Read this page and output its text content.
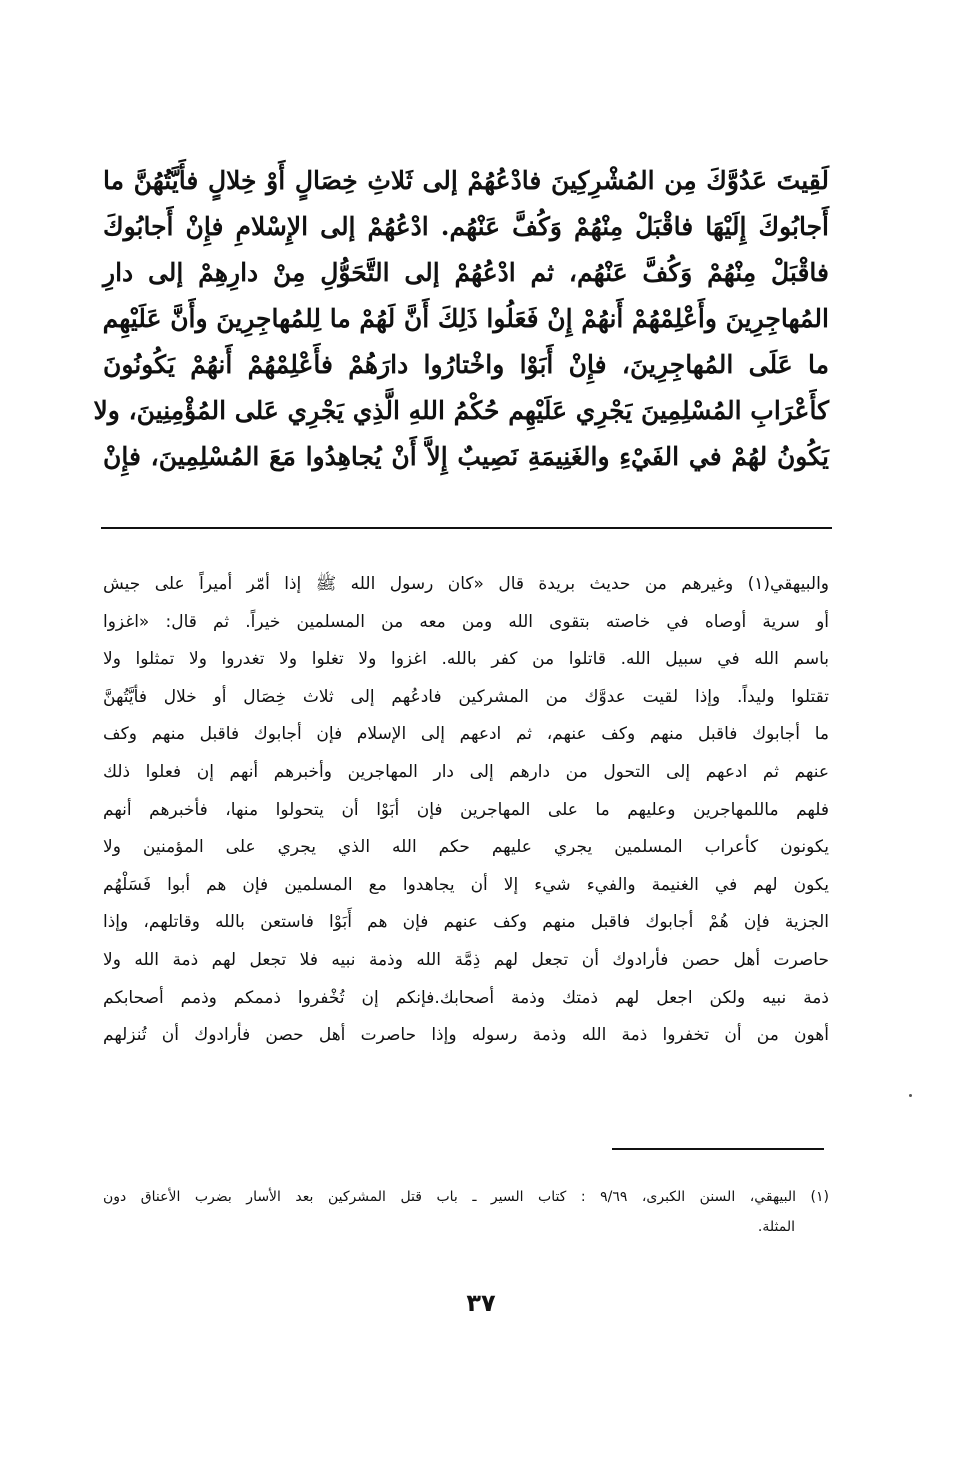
لَقِيتَ عَدُوَّكَ مِن المُشْرِكِينَ فادْعُهُمْ إلى ثَلاثِ خِصَالٍ أَوْ خِلالٍ فأَيَّتُهُنَّ ما
أَجابُوكَ إِلَيْهَا فاقْبَلْ مِنْهُمْ وَكُفَّ عَنْهُم. ادْعُهُمْ إلى الإِسْلامِ فإِنْ أَجابُوكَ
فاقْبَلْ مِنْهُمْ وَكُفَّ عَنْهُم، ثم ادْعُهُمْ إلى التَّحَوُّلِ مِنْ دارِهِمْ إلى دارِ
المُهاجِرِينَ وأَعْلِمْهُمْ أَنهُمْ إِنْ فَعَلُوا ذَلِكَ أَنَّ لَهُمْ ما لِلمُهاجِرِينَ وأَنَّ عَلَيْهِم
ما عَلَى المُهاجِرِينَ، فإِنْ أَبَوْا واخْتارُوا دارَهُمْ فأَعْلِمْهُمْ أَنهُمْ يَكُونُونَ
كأَعْرَابِ المُسْلِمِينَ يَجْرِي عَلَيْهِم حُكْمُ اللهِ الَّذِي يَجْرِي عَلى المُؤْمِنِينَ، ولا
يَكُونُ لهُمْ في الفَيْءِ والغَنِيمَةِ نَصِيبٌ إِلاَّ أَنْ يُجاهِدُوا مَعَ المُسْلِمِينَ، فإِنْ
والبيهقي(١) وغيرهم من حديث بريدة قال «كان رسول الله ﷺ إذا أمّر أميراً على جيش
أو سرية أوصاه في خاصته بتقوى الله ومن معه من المسلمين خيراً. ثم قال: «اغزوا
باسم الله في سبيل الله. قاتلوا من كفر بالله. اغزوا ولا تغلوا ولا تغدروا ولا تمثلوا ولا
تقتلوا وليداً. وإذا لقيت عدوَّك من المشركين فادعُهم إلى ثلاث خِصَال أو خلال فأيَّتُهنَّ
ما أجابوك فاقبل منهم وكف عنهم، ثم ادعهم إلى الإسلام فإن أجابوك فاقبل منهم وكف
عنهم ثم ادعهم إلى التحول من دارهم إلى دار المهاجرين وأخبرهم أنهم إن فعلوا ذلك
فلهم ماللمهاجرين وعليهم ما على المهاجرين فإن أبَوْا أن يتحولوا منها، فأخبرهم أنهم
يكونون كأعراب المسلمين يجري عليهم حكم الله الذي يجري على المؤمنين ولا
يكون لهم في الغنيمة والفيء شيء إلا أن يجاهدوا مع المسلمين فإن هم أبوا فَسَلْهُم
الجزية فإن هُمْ أجابوك فاقبل منهم وكف عنهم فإن هم أَبَوْا فاستعن بالله وقاتلهم، وإذا
حاصرت أهل حصن فأرادوك أن تجعل لهم ذِمَّة الله وذمة نبيه فلا تجعل لهم ذمة الله ولا
ذمة نبيه ولكن اجعل لهم ذمتك وذمة أصحابك.فإنكم إن تُخْفروا ذممكم وذمم أصحابكم
أهون من أن تخفروا ذمة الله وذمة رسوله وإذا حاصرت أهل حصن فأرادوك أن تُنزلهم
(١) البيهقي، السنن الكبرى، ٩/٦٩ : كتاب السير ـ باب قتل المشركين بعد الأسار بضرب الأعناق دون
المثلة.
٣٧
